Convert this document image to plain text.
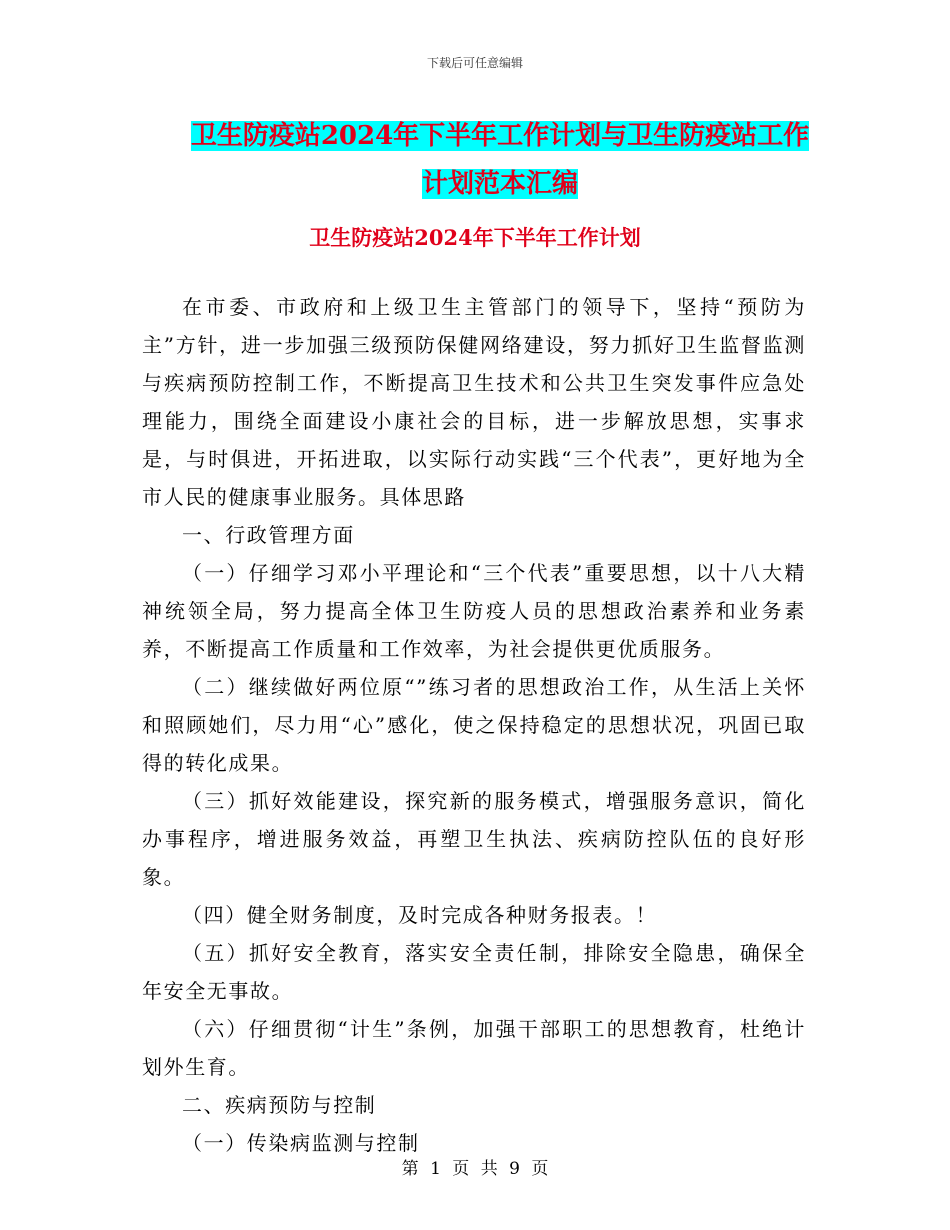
下载后可任意编辑
卫生防疫站2024年下半年工作计划与卫生防疫站工作
计划范本汇编
卫生防疫站2024年下半年工作计划

在市委、市政府和上级卫生主管部门的领导下，坚持“预防为主”方针，进一步加强三级预防保健网络建设，努力抓好卫生监督监测与疾病预防控制工作，不断提高卫生技术和公共卫生突发事件应急处理能力，围绕全面建设小康社会的目标，进一步解放思想，实事求是，与时俱进，开拓进取，以实际行动实践“三个代表”，更好地为全市人民的健康事业服务。具体思路

一、行政管理方面

（一）仔细学习邓小平理论和“三个代表”重要思想，以十八大精神统领全局，努力提高全体卫生防疫人员的思想政治素养和业务素养，不断提高工作质量和工作效率，为社会提供更优质服务。

（二）继续做好两位原“”练习者的思想政治工作，从生活上关怀和照顾她们，尽力用“心”感化，使之保持稳定的思想状况，巩固已取得的转化成果。

（三）抓好效能建设，探究新的服务模式，增强服务意识，简化办事程序，增进服务效益，再塑卫生执法、疾病防控队伍的良好形象。

（四）健全财务制度，及时完成各种财务报表。！

（五）抓好安全教育，落实安全责任制，排除安全隐患，确保全年安全无事故。

（六）仔细贯彻“计生”条例，加强干部职工的思想教育，杜绝计划外生育。

二、疾病预防与控制

（一）传染病监测与控制

第 1 页 共 9 页
